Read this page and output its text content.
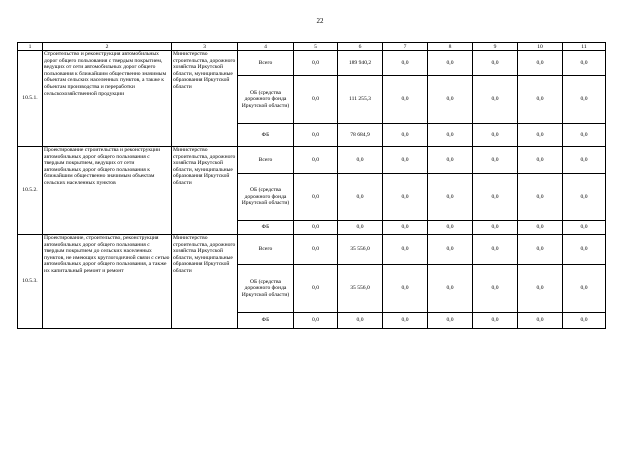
22
1	2	3	4	5	6	7	8	9	10	11
10.5.1.	Строительство и реконструкция автомобильных дорог общего пользования с твердым покрытием, ведущих от сети автомобильных дорог общего пользования к ближайшим общественно значимым объектам сельских населенных пунктов, а также к объектам производства и переработки сельскохозяйственной продукции	Министерство строительства, дорожного хозяйства Иркутской области, муниципальные образования Иркутской области	Всего	0,0	189 940,2	0,0	0,0	0,0	0,0	0,0
			ОБ (средства дорожного фонда Иркутской области)	0,0	111 255,3	0,0	0,0	0,0	0,0	0,0
			ФБ	0,0	78 684,9	0,0	0,0	0,0	0,0	0,0
10.5.2.	Проектирование строительства и реконструкции автомобильных дорог общего пользования с твердым покрытием, ведущих от сети автомобильных дорог общего пользования к ближайшим общественно значимым объектам сельских населенных пунктов	Министерство строительства, дорожного хозяйства Иркутской области, муниципальные образования Иркутской области	Всего	0,0	0,0	0,0	0,0	0,0	0,0	0,0
			ОБ (средства дорожного фонда Иркутской области)	0,0	0,0	0,0	0,0	0,0	0,0	0,0
			ФБ	0,0	0,0	0,0	0,0	0,0	0,0	0,0
10.5.3.	Проектирование, строительство, реконструкция автомобильных дорог общего пользования с твердым покрытием до сельских населенных пунктов, не имеющих круглогодичной связи с сетью автомобильных дорог общего пользования, а также их капитальный ремонт и ремонт	Министерство строительства, дорожного хозяйства Иркутской области, муниципальные образования Иркутской области	Всего	0,0	35 556,0	0,0	0,0	0,0	0,0	0,0
			ОБ (средства дорожного фонда Иркутской области)	0,0	35 556,0	0,0	0,0	0,0	0,0	0,0
			ФБ	0,0	0,0	0,0	0,0	0,0	0,0	0,0
